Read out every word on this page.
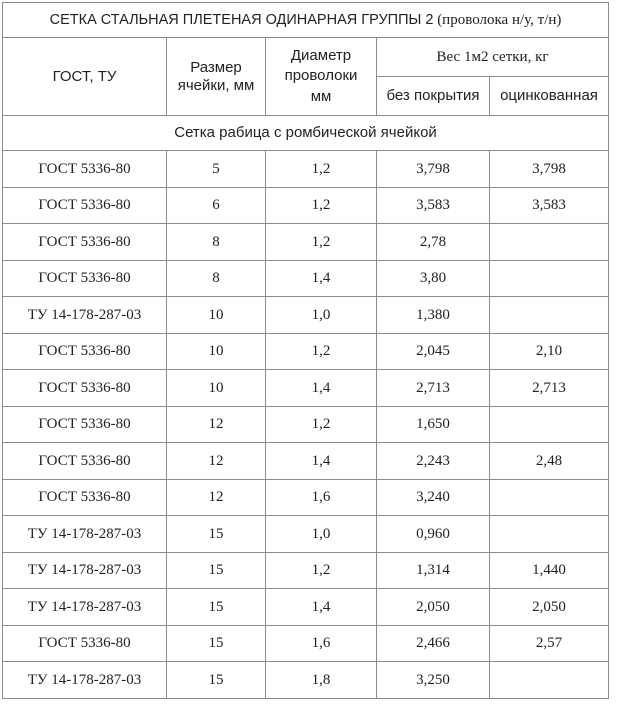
СЕТКА СТАЛЬНАЯ ПЛЕТЕНАЯ ОДИНАРНАЯ ГРУППЫ 2 (проволока н/у, т/н)				
ГОСТ, ТУ	Размер ячейки, мм	Диаметр проволоки мм	Вес 1м2 сетки, кг	
			без покрытия	оцинкованная
Сетка рабица с ромбической ячейкой				
ГОСТ 5336-80	5	1,2	3,798	3,798
ГОСТ 5336-80	6	1,2	3,583	3,583
ГОСТ 5336-80	8	1,2	2,78	
ГОСТ 5336-80	8	1,4	3,80	
ТУ 14-178-287-03	10	1,0	1,380	
ГОСТ 5336-80	10	1,2	2,045	2,10
ГОСТ 5336-80	10	1,4	2,713	2,713
ГОСТ 5336-80	12	1,2	1,650	
ГОСТ 5336-80	12	1,4	2,243	2,48
ГОСТ 5336-80	12	1,6	3,240	
ТУ 14-178-287-03	15	1,0	0,960	
ТУ 14-178-287-03	15	1,2	1,314	1,440
ТУ 14-178-287-03	15	1,4	2,050	2,050
ГОСТ 5336-80	15	1,6	2,466	2,57
ТУ 14-178-287-03	15	1,8	3,250	
